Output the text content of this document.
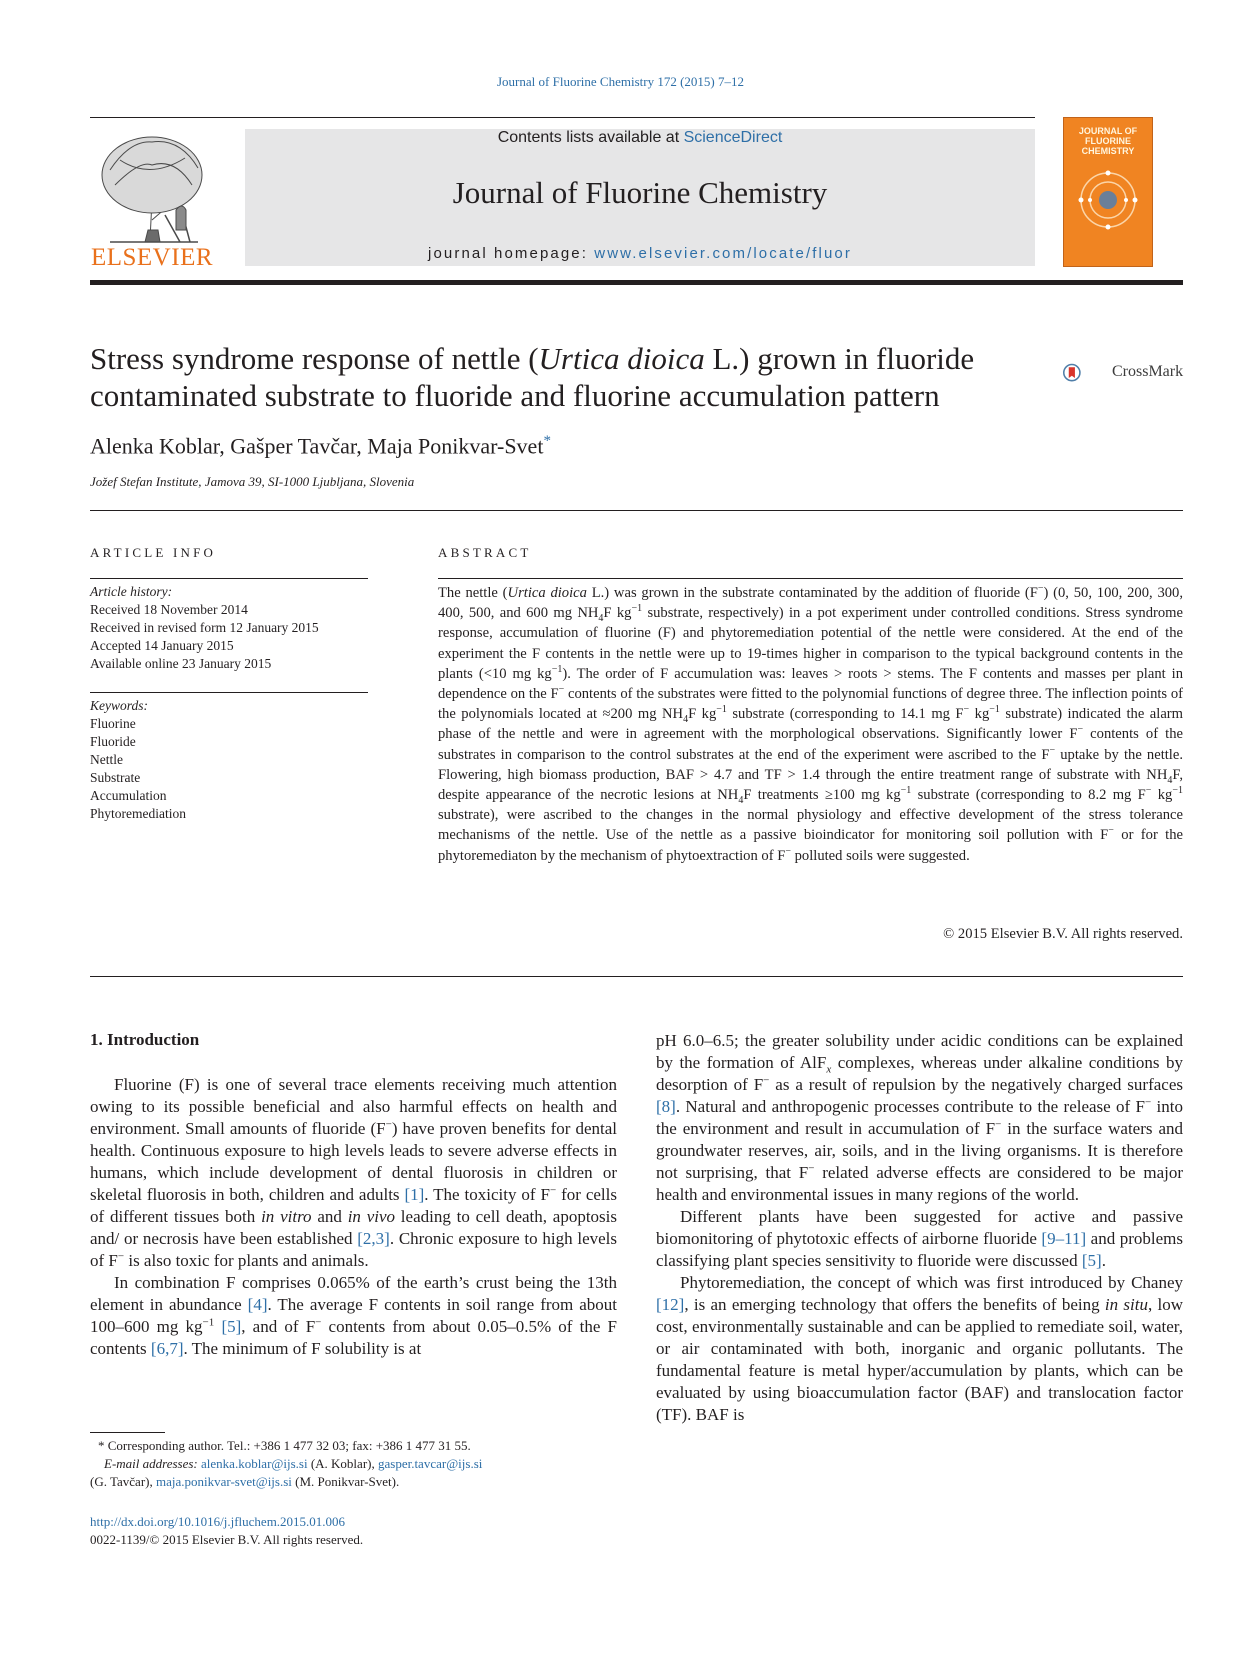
Journal of Fluorine Chemistry 172 (2015) 7–12
ELSEVIER
Contents lists available at ScienceDirect
Journal of Fluorine Chemistry
journal homepage: www.elsevier.com/locate/fluor
JOURNAL OF FLUORINE CHEMISTRY
Stress syndrome response of nettle (Urtica dioica L.) grown in fluoride contaminated substrate to fluoride and fluorine accumulation pattern
CrossMark
Alenka Koblar, Gašper Tavčar, Maja Ponikvar-Svet*
Jožef Stefan Institute, Jamova 39, SI-1000 Ljubljana, Slovenia
ARTICLE INFO
Article history:
Received 18 November 2014
Received in revised form 12 January 2015
Accepted 14 January 2015
Available online 23 January 2015
Keywords:
Fluorine
Fluoride
Nettle
Substrate
Accumulation
Phytoremediation
ABSTRACT
The nettle (Urtica dioica L.) was grown in the substrate contaminated by the addition of fluoride (F−) (0, 50, 100, 200, 300, 400, 500, and 600 mg $NH_4F$ $kg^{-1}$ substrate, respectively) in a pot experiment under controlled conditions. Stress syndrome response, accumulation of fluorine (F) and phytoremediation potential of the nettle were considered. At the end of the experiment the F contents in the nettle were up to 19-times higher in comparison to the typical background contents in the plants (<10 mg $kg^{-1}$). The order of F accumulation was: leaves > roots > stems. The F contents and masses per plant in dependence on the F− contents of the substrates were fitted to the polynomial functions of degree three. The inflection points of the polynomials located at ≈200 mg $NH_4F$ $kg^{-1}$ substrate (corresponding to 14.1 mg F− $kg^{-1}$ substrate) indicated the alarm phase of the nettle and were in agreement with the morphological observations. Significantly lower F− contents of the substrates in comparison to the control substrates at the end of the experiment were ascribed to the F− uptake by the nettle. Flowering, high biomass production, BAF > 4.7 and TF > 1.4 through the entire treatment range of substrate with $NH_4F$, despite appearance of the necrotic lesions at $NH_4F$ treatments ≥100 mg $kg^{-1}$ substrate (corresponding to 8.2 mg F− $kg^{-1}$ substrate), were ascribed to the changes in the normal physiology and effective development of the stress tolerance mechanisms of the nettle. Use of the nettle as a passive bioindicator for monitoring soil pollution with F− or for the phytoremediaton by the mechanism of phytoextraction of F− polluted soils were suggested.
© 2015 Elsevier B.V. All rights reserved.
1. Introduction

Fluorine (F) is one of several trace elements receiving much attention owing to its possible beneficial and also harmful effects on health and environment. Small amounts of fluoride (F−) have proven benefits for dental health. Continuous exposure to high levels leads to severe adverse effects in humans, which include development of dental fluorosis in children or skeletal fluorosis in both, children and adults [1]. The toxicity of F− for cells of different tissues both in vitro and in vivo leading to cell death, apoptosis and/ or necrosis have been established [2,3]. Chronic exposure to high levels of F− is also toxic for plants and animals.

In combination F comprises 0.065% of the earth’s crust being the 13th element in abundance [4]. The average F contents in soil range from about 100–600 mg $kg^{-1}$ [5], and of F− contents from about 0.05–0.5% of the F contents [6,7]. The minimum of F solubility is at

pH 6.0–6.5; the greater solubility under acidic conditions can be explained by the formation of AlF$_x$ complexes, whereas under alkaline conditions by desorption of F− as a result of repulsion by the negatively charged surfaces [8]. Natural and anthropogenic processes contribute to the release of F− into the environment and result in accumulation of F− in the surface waters and groundwater reserves, air, soils, and in the living organisms. It is therefore not surprising, that F− related adverse effects are considered to be major health and environmental issues in many regions of the world.

Different plants have been suggested for active and passive biomonitoring of phytotoxic effects of airborne fluoride [9–11] and problems classifying plant species sensitivity to fluoride were discussed [5].

Phytoremediation, the concept of which was first introduced by Chaney [12], is an emerging technology that offers the benefits of being in situ, low cost, environmentally sustainable and can be applied to remediate soil, water, or air contaminated with both, inorganic and organic pollutants. The fundamental feature is metal hyper/accumulation by plants, which can be evaluated by using bioaccumulation factor (BAF) and translocation factor (TF). BAF is

* Corresponding author. Tel.: +386 1 477 32 03; fax: +386 1 477 31 55.
E-mail addresses: alenka.koblar@ijs.si (A. Koblar), gasper.tavcar@ijs.si
(G. Tavčar), maja.ponikvar-svet@ijs.si (M. Ponikvar-Svet).
http://dx.doi.org/10.1016/j.jfluchem.2015.01.006
0022-1139/© 2015 Elsevier B.V. All rights reserved.
